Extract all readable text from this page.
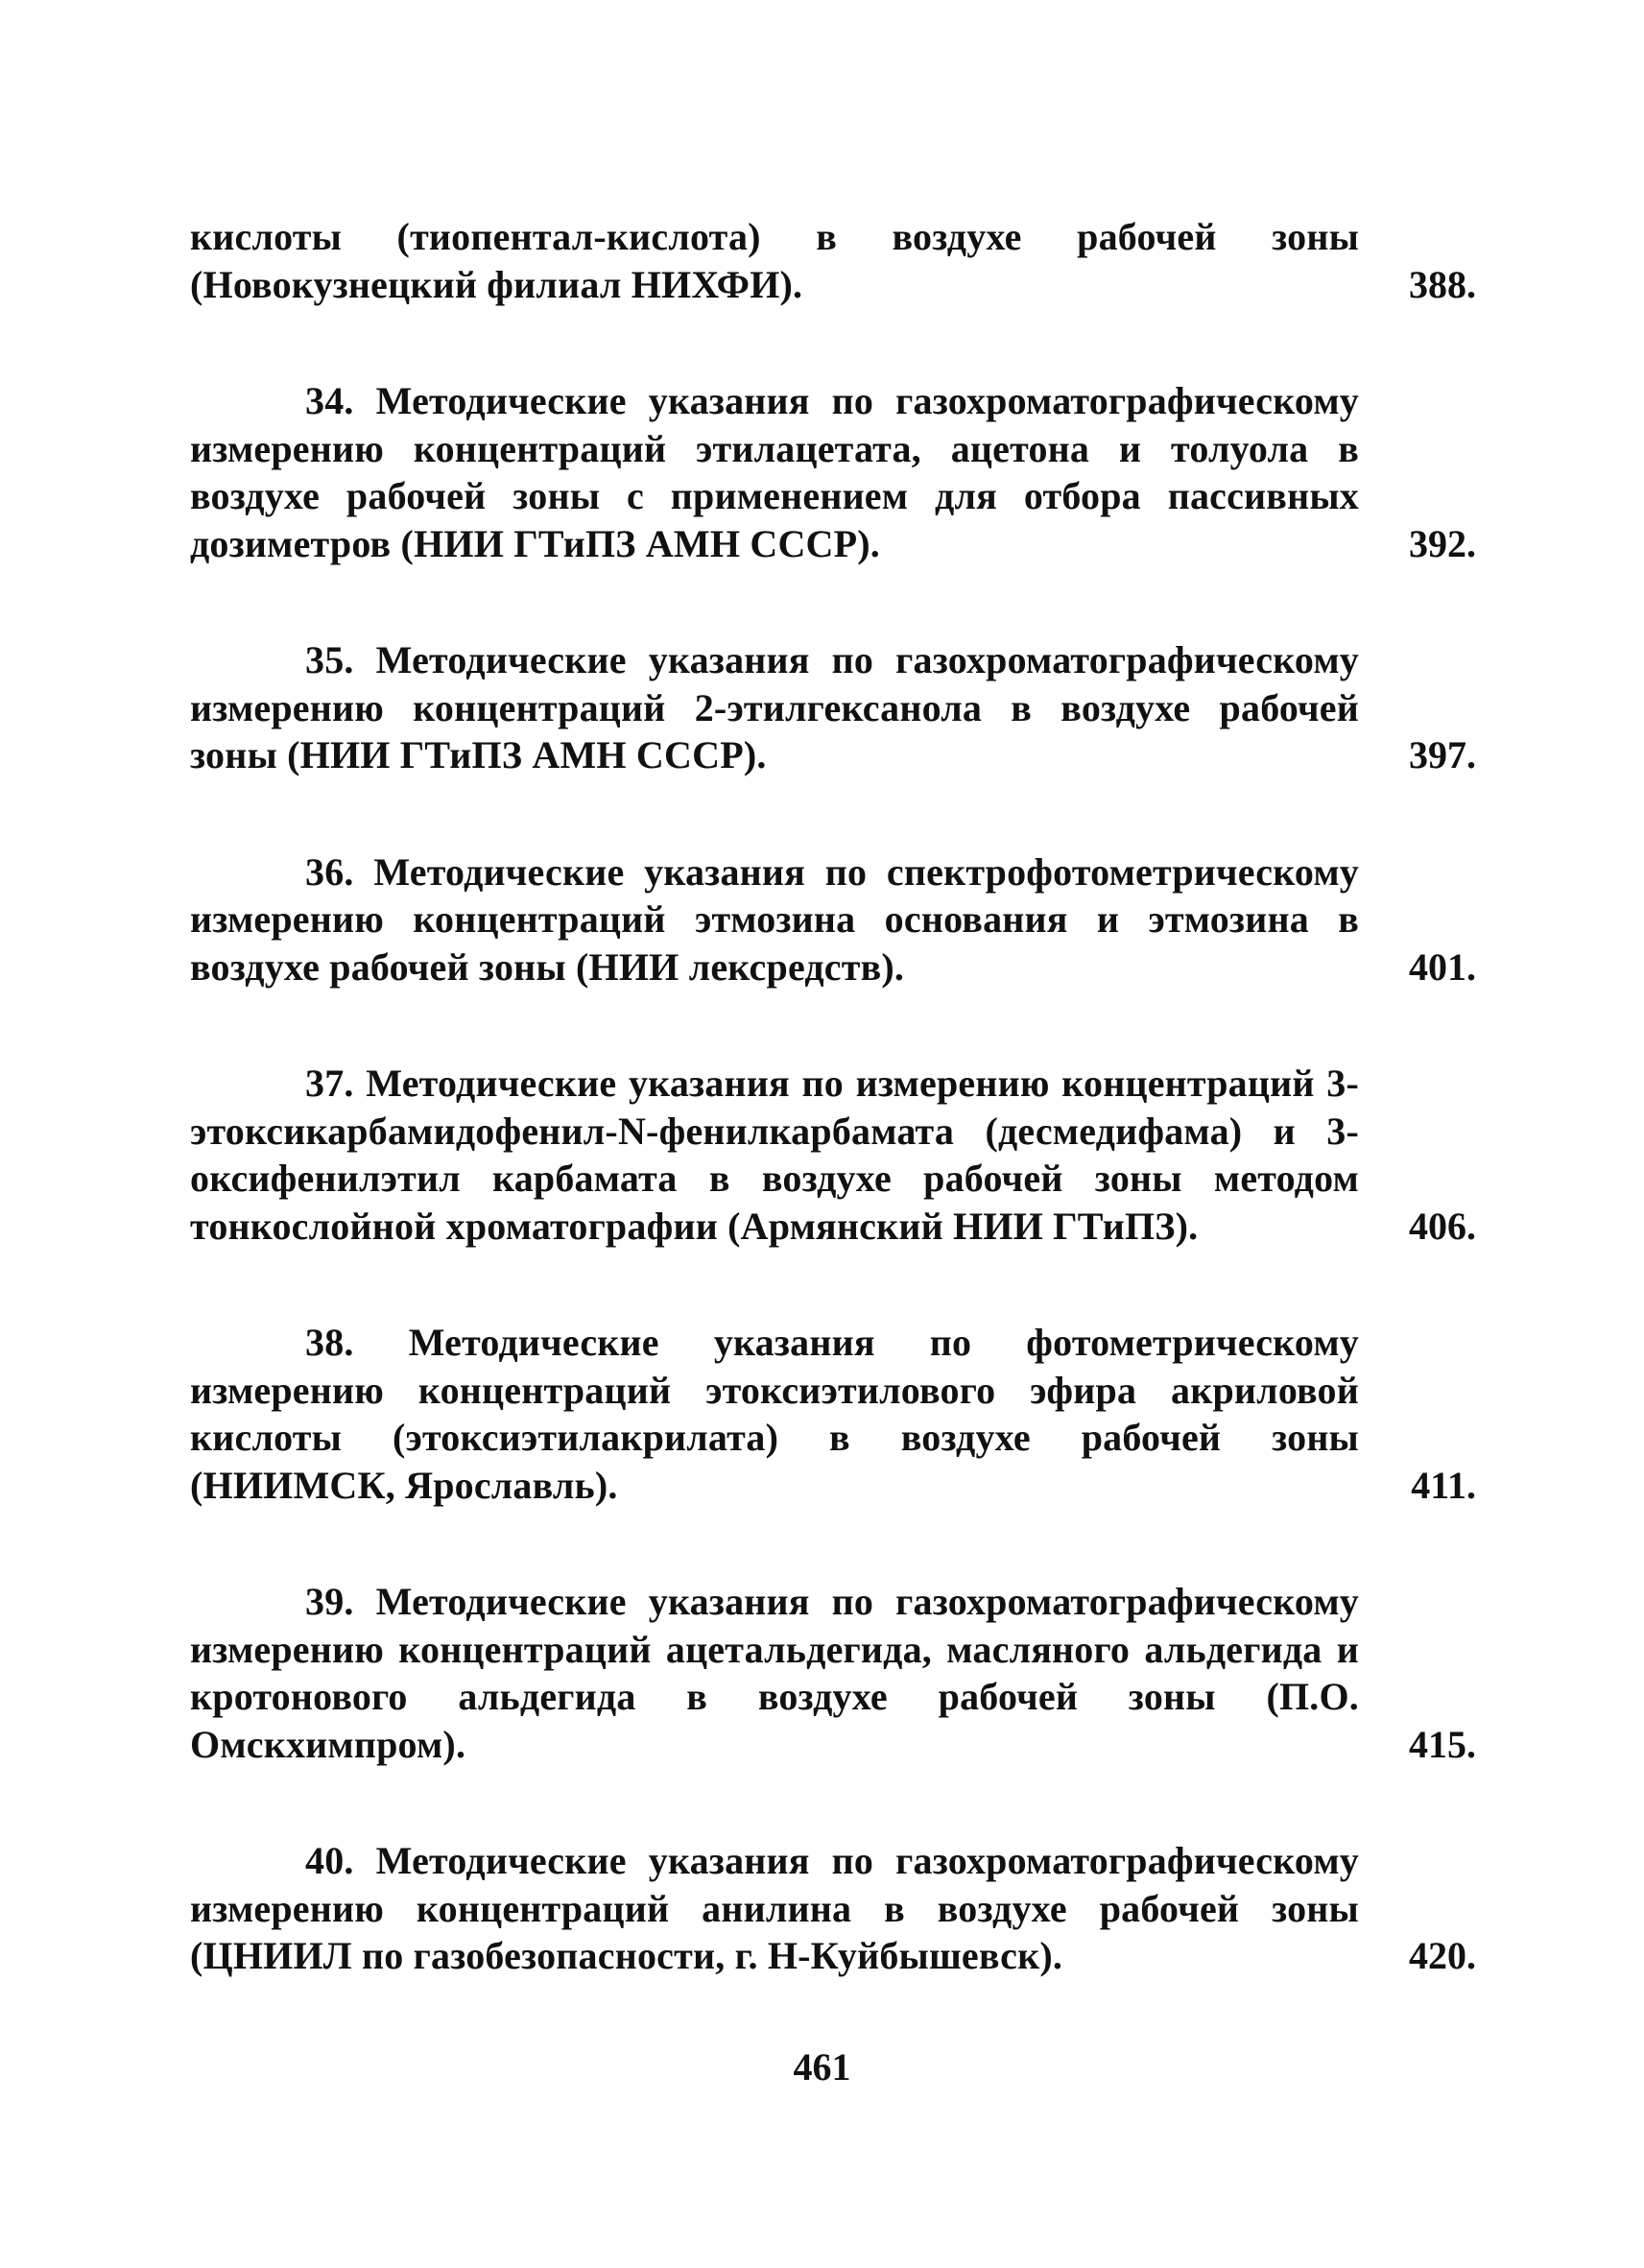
кислоты (тиопентал-кислота) в воздухе рабочей зоны (Новокузнецкий филиал НИХФИ).	388.
34. Методические указания по газохроматографическому измерению концентраций этилацетата, ацетона и толуола в воздухе рабочей зоны с применением для отбора пассивных дозиметров (НИИ ГТиПЗ АМН СССР).	392.
35. Методические указания по газохроматографическому измерению концентраций 2-этилгексанола в воздухе рабочей зоны (НИИ ГТиПЗ АМН СССР).	397.
36. Методические указания по спектрофотометрическому измерению концентраций этмозина основания и этмозина в воздухе рабочей зоны (НИИ лексредств).	401.
37. Методические указания по измерению концентраций 3-этоксикарбамидофенил-N-фенилкарбамата (десмедифама) и 3-оксифенилэтил карбамата в воздухе рабочей зоны методом тонкослойной хроматографии (Армянский НИИ ГТиПЗ).	406.
38. Методические указания по фотометрическому измерению концентраций этоксиэтилового эфира акриловой кислоты (этоксиэтилакрилата) в воздухе рабочей зоны (НИИМСК, Ярославль).	411.
39. Методические указания по газохроматографическому измерению концентраций ацетальдегида, масляного альдегида и кротонового альдегида в воздухе рабочей зоны (П.О. Омскхимпром).	415.
40. Методические указания по газохроматографическому измерению концентраций анилина в воздухе рабочей зоны (ЦНИИЛ по газобезопасности, г. Н-Куйбышевск).	420.
461
